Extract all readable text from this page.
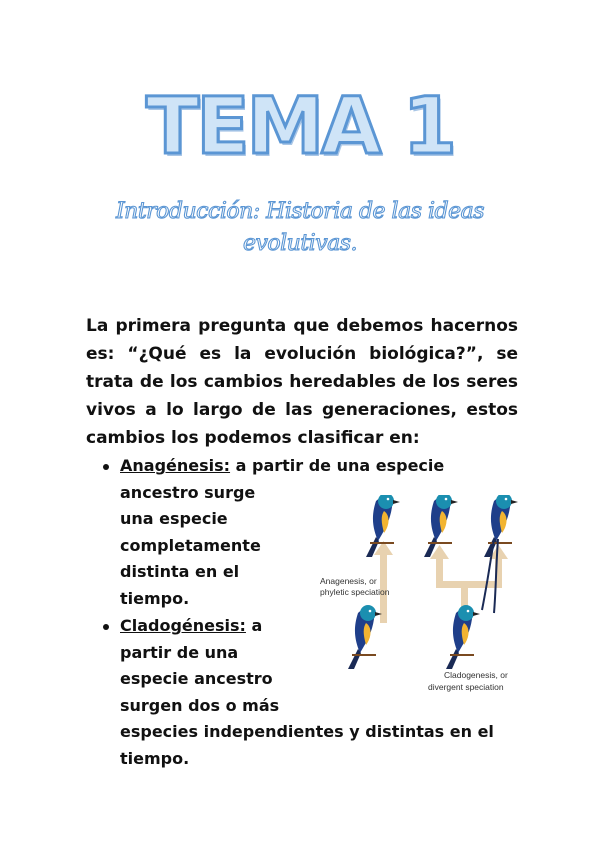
TEMA 1
Introducción: Historia de las ideas
evolutivas.
La primera pregunta que debemos hacernos es: “¿Qué es la evolución biológica?”, se trata de los cambios heredables de los seres vivos a lo largo de las generaciones, estos cambios los podemos clasificar en:
Anagénesis: a partir de una especie
ancestro surge
una especie
completamente
distinta en el
tiempo.
Cladogénesis: a
partir de una
especie ancestro
surgen dos o más
especies independientes y distintas en el
tiempo.
Anagenesis, or
phyletic speciation
Cladogenesis, or
divergent speciation
